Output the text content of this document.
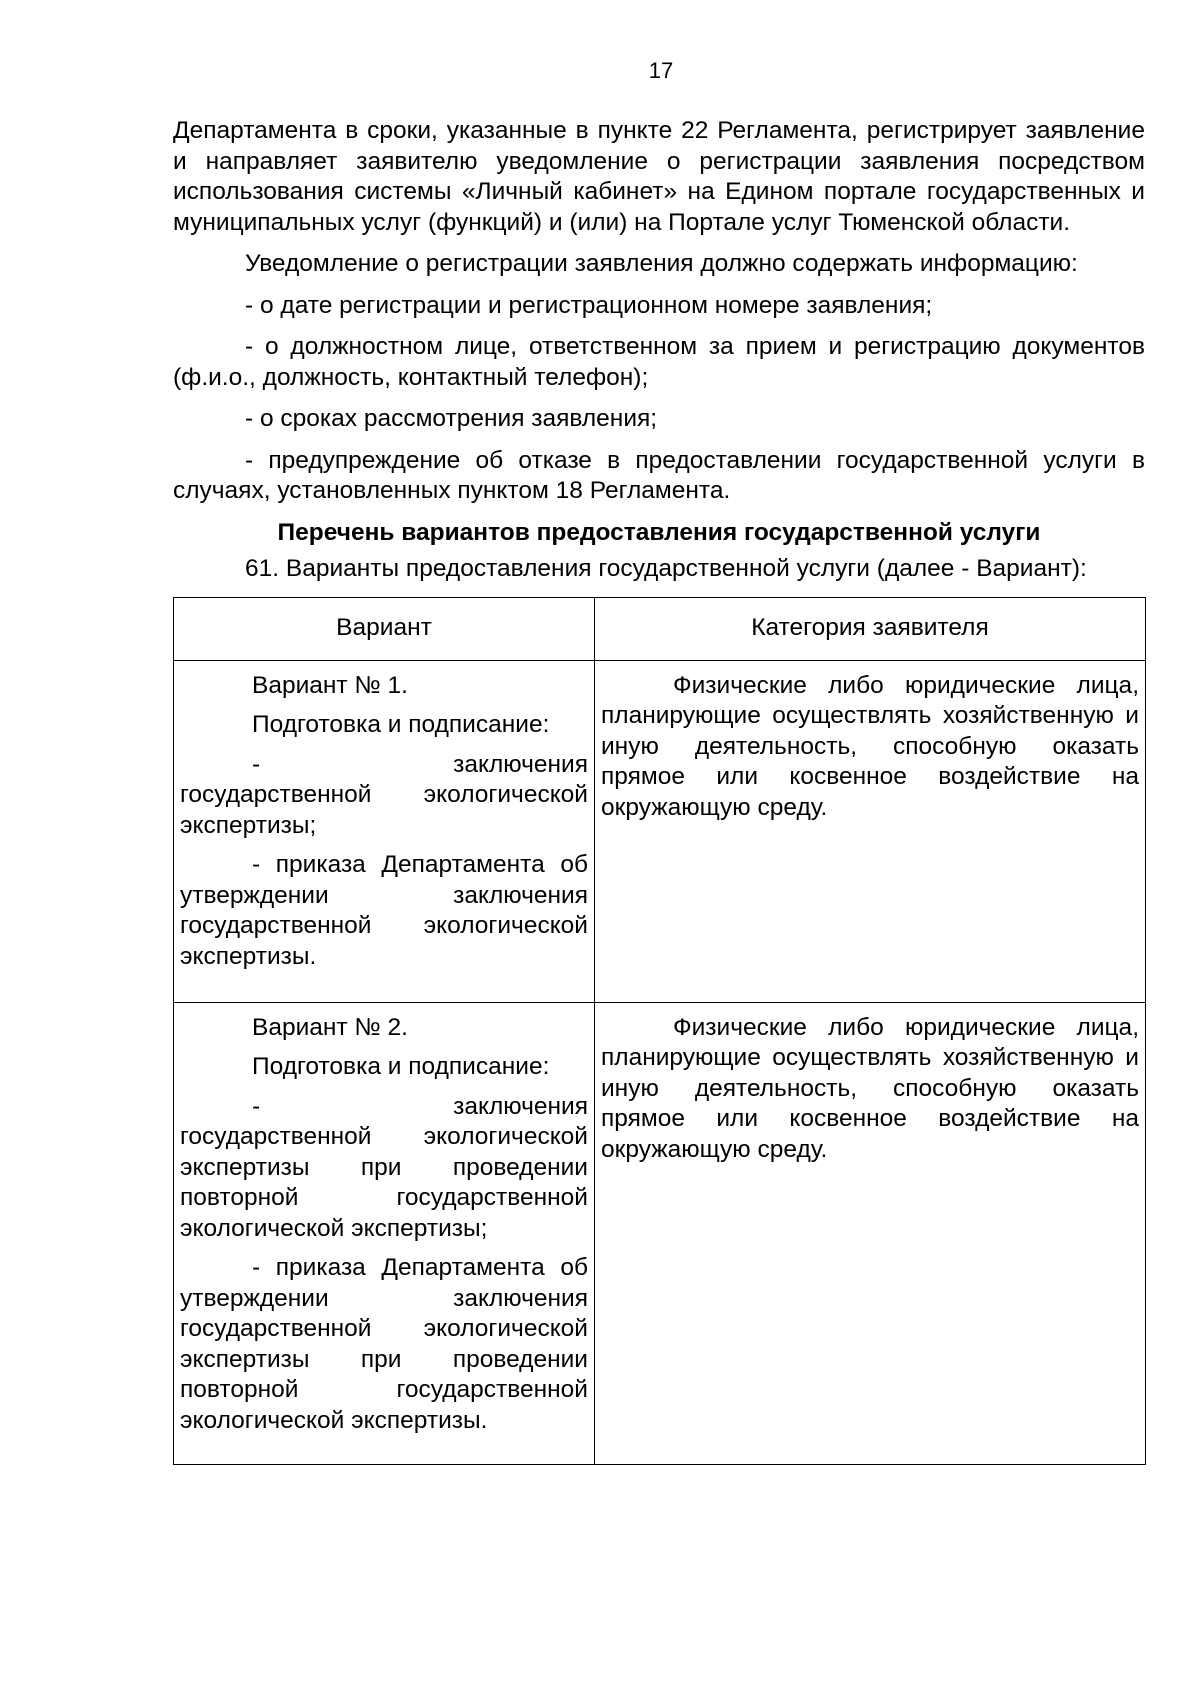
17

Департамента в сроки, указанные в пункте 22 Регламента, регистрирует заявление и направляет заявителю уведомление о регистрации заявления посредством использования системы «Личный кабинет» на Едином портале государственных и муниципальных услуг (функций) и (или) на Портале услуг Тюменской области.

Уведомление о регистрации заявления должно содержать информацию:

- о дате регистрации и регистрационном номере заявления;

- о должностном лице, ответственном за прием и регистрацию документов (ф.и.о., должность, контактный телефон);

- о сроках рассмотрения заявления;

- предупреждение об отказе в предоставлении государственной услуги в случаях, установленных пунктом 18 Регламента.

Перечень вариантов предоставления государственной услуги

61. Варианты предоставления государственной услуги (далее - Вариант):

Вариант	Категория заявителя

Вариант № 1.

Подготовка и подписание:

- заключения государственной экологической экспертизы;

- приказа Департамента об утверждении заключения государственной экологической экспертизы.	Физические либо юридические лица, планирующие осуществлять хозяйственную и иную деятельность, способную оказать прямое или косвенное воздействие на окружающую среду.

Вариант № 2.

Подготовка и подписание:

- заключения государственной экологической экспертизы при проведении повторной государственной экологической экспертизы;

- приказа Департамента об утверждении заключения государственной экологической экспертизы при проведении повторной государственной экологической экспертизы.	Физические либо юридические лица, планирующие осуществлять хозяйственную и иную деятельность, способную оказать прямое или косвенное воздействие на окружающую среду.
